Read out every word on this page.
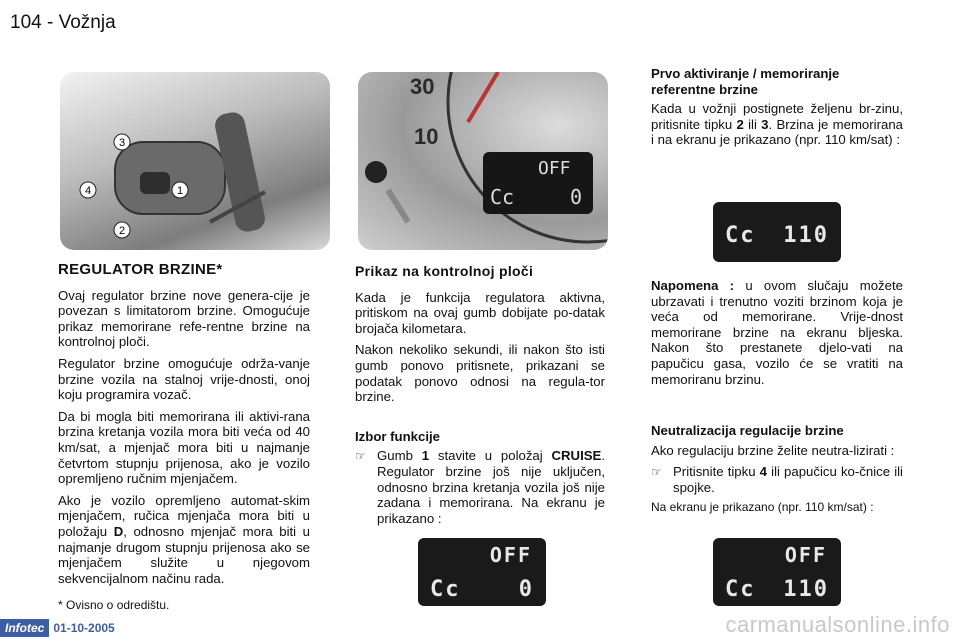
104 - Vožnja
3
4	1
2
30
10
OFF
Cc	0
REGULATOR BRZINE*

Ovaj regulator brzine nove genera-cije je povezan s limitatorom brzine. Omogućuje prikaz memorirane refe-rentne brzine na kontrolnoj ploči.

Regulator brzine omogućuje održa-vanje brzine vozila na stalnoj vrije-dnosti, onoj koju programira vozač.

Da bi mogla biti memorirana ili aktivi-rana brzina kretanja vozila mora biti veća od 40 km/sat, a mjenjač mora biti u najmanje četvrtom stupnju prijenosa, ako je vozilo opremljeno ručnim mjenjačem.

Ako je vozilo opremljeno automat-skim mjenjačem, ručica mjenjača mora biti u položaju D, odnosno mjenjač mora biti u najmanje drugom stupnju prijenosa ako se mjenjačem služite u njegovom sekvencijalnom načinu rada.

* Ovisno o odredištu.
Prikaz na kontrolnoj ploči

Kada je funkcija regulatora aktivna, pritiskom na ovaj gumb dobijate po-datak brojača kilometara.

Nakon nekoliko sekundi, ili nakon što isti gumb ponovo pritisnete, prikazani se podatak ponovo odnosi na regula-tor brzine.

Izbor funkcije
☞ Gumb 1 stavite u položaj CRUISE. Regulator brzine još nije uključen, odnosno brzina kretanja vozila još nije zadana i memorirana. Na ekranu je prikazano :

OFF
Cc	0
Prvo aktiviranje / memoriranje referentne brzine

Kada u vožnji postignete željenu br-zinu, pritisnite tipku 2 ili 3. Brzina je memorirana i na ekranu je prikazano (npr. 110 km/sat) :

Cc 110

Napomena : u ovom slučaju možete ubrzavati i trenutno voziti brzinom koja je veća od memorirane. Vrije-dnost memorirane brzine na ekranu bljeska. Nakon što prestanete djelo-vati na papučicu gasa, vozilo će se vratiti na memoriranu brzinu.

Neutralizacija regulacije brzine

Ako regulaciju brzine želite neutra-lizirati :

☞ Pritisnite tipku 4 ili papučicu ko-čnice ili spojke.

Na ekranu je prikazano (npr. 110 km/sat) :
OFF
Cc 110
Infotec 01-10-2005	carmanualsonline.info
